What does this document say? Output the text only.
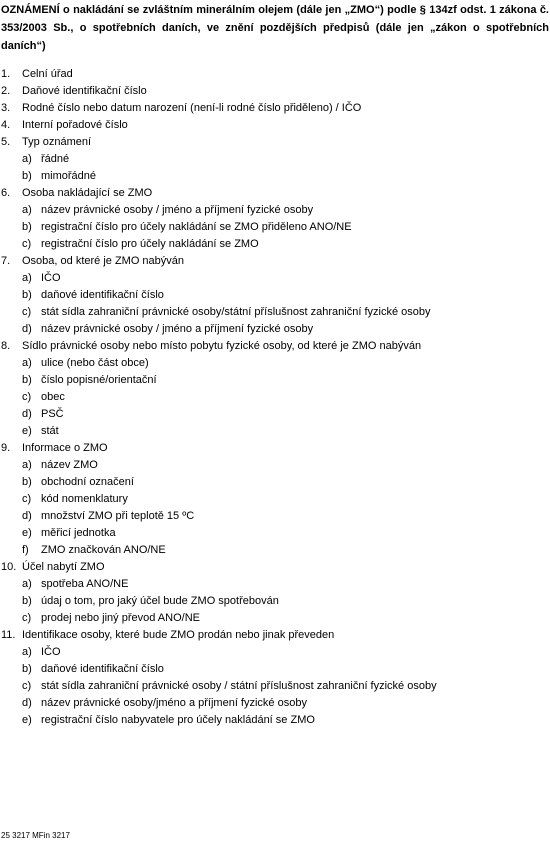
OZNÁMENÍ o nakládání se zvláštním minerálním olejem (dále jen „ZMO“) podle § 134zf odst. 1 zákona č. 353/2003 Sb., o spotřebních daních, ve znění pozdějších předpisů (dále jen „zákon o spotřebních daních“)
1. Celní úřad
2. Daňové identifikační číslo
3. Rodné číslo nebo datum narození (není-li rodné číslo přiděleno) / IČO
4. Interní pořadové číslo
5. Typ oznámení
a) řádné
b) mimořádné
6. Osoba nakládající se ZMO
a) název právnické osoby / jméno a příjmení fyzické osoby
b) registrační číslo pro účely nakládání se ZMO přiděleno ANO/NE
c) registrační číslo pro účely nakládání se ZMO
7. Osoba, od které je ZMO nabýván
a) IČO
b) daňové identifikační číslo
c) stát sídla zahraniční právnické osoby/státní příslušnost zahraniční fyzické osoby
d) název právnické osoby / jméno a příjmení fyzické osoby
8. Sídlo právnické osoby nebo místo pobytu fyzické osoby, od které je ZMO nabýván
a) ulice (nebo část obce)
b) číslo popisné/orientační
c) obec
d) PSČ
e) stát
9. Informace o ZMO
a) název ZMO
b) obchodní označení
c) kód nomenklatury
d) množství ZMO při teplotě 15 ºC
e) měřicí jednotka
f) ZMO značkován ANO/NE
10. Účel nabytí ZMO
a) spotřeba ANO/NE
b) údaj o tom, pro jaký účel bude ZMO spotřebován
c) prodej nebo jiný převod ANO/NE
11. Identifikace osoby, které bude ZMO prodán nebo jinak převeden
a) IČO
b) daňové identifikační číslo
c) stát sídla zahraniční právnické osoby / státní příslušnost zahraniční fyzické osoby
d) název právnické osoby/jméno a příjmení fyzické osoby
e) registrační číslo nabyvatele pro účely nakládání se ZMO
25 3217 MFin 3217
